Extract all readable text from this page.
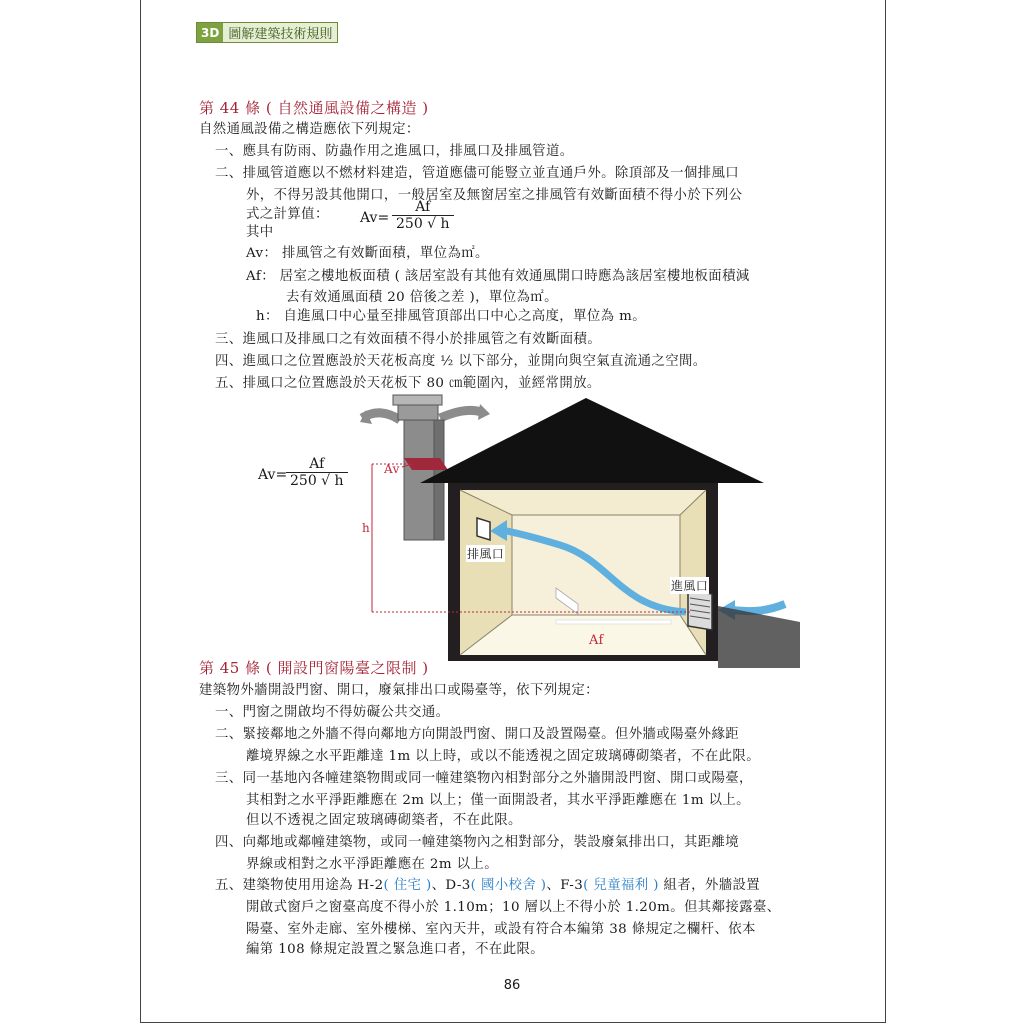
3D 圖解建築技術規則
第 44 條 ( 自然通風設備之構造 )
自然通風設備之構造應依下列規定：
一、應具有防雨、防蟲作用之進風口，排風口及排風管道。
二、排風管道應以不燃材料建造，管道應儘可能豎立並直通戶外。除頂部及一個排風口
外，不得另設其他開口，一般居室及無窗居室之排風管有效斷面積不得小於下列公
式之計算值：
其中
$Av= \frac{Af}{250 √ h}$
Av： 排風管之有效斷面積，單位為㎡。
Af： 居室之樓地板面積 ( 該居室設有其他有效通風開口時應為該居室樓地板面積減
去有效通風面積 20 倍後之差 )，單位為㎡。
h： 自進風口中心量至排風管頂部出口中心之高度，單位為 m。
三、進風口及排風口之有效面積不得小於排風管之有效斷面積。
四、進風口之位置應設於天花板高度 ½ 以下部分，並開向與空氣直流通之空間。
五、排風口之位置應設於天花板下 80 ㎝範圍內，並經常開放。
Av=
$\frac{Af}{250 √ h}$	Av
h
Af
排風口
進風口
第 45 條 ( 開設門窗陽臺之限制 )
建築物外牆開設門窗、開口，廢氣排出口或陽臺等，依下列規定：
一、門窗之開啟均不得妨礙公共交通。
二、緊接鄰地之外牆不得向鄰地方向開設門窗、開口及設置陽臺。但外牆或陽臺外緣距
離境界線之水平距離達 1m 以上時，或以不能透視之固定玻璃磚砌築者，不在此限。
三、同一基地內各幢建築物間或同一幢建築物內相對部分之外牆開設門窗、開口或陽臺，
其相對之水平淨距離應在 2m 以上；僅一面開設者，其水平淨距離應在 1m 以上。
但以不透視之固定玻璃磚砌築者，不在此限。
四、向鄰地或鄰幢建築物，或同一幢建築物內之相對部分，裝設廢氣排出口，其距離境
界線或相對之水平淨距離應在 2m 以上。
五、建築物使用用途為 H-2( 住宅 )、D-3( 國小校舍 )、F-3( 兒童福利 ) 組者，外牆設置
開啟式窗戶之窗臺高度不得小於 1.10m；10 層以上不得小於 1.20m。但其鄰接露臺、
陽臺、室外走廊、室外樓梯、室內天井，或設有符合本編第 38 條規定之欄杆、依本
編第 108 條規定設置之緊急進口者，不在此限。
86
